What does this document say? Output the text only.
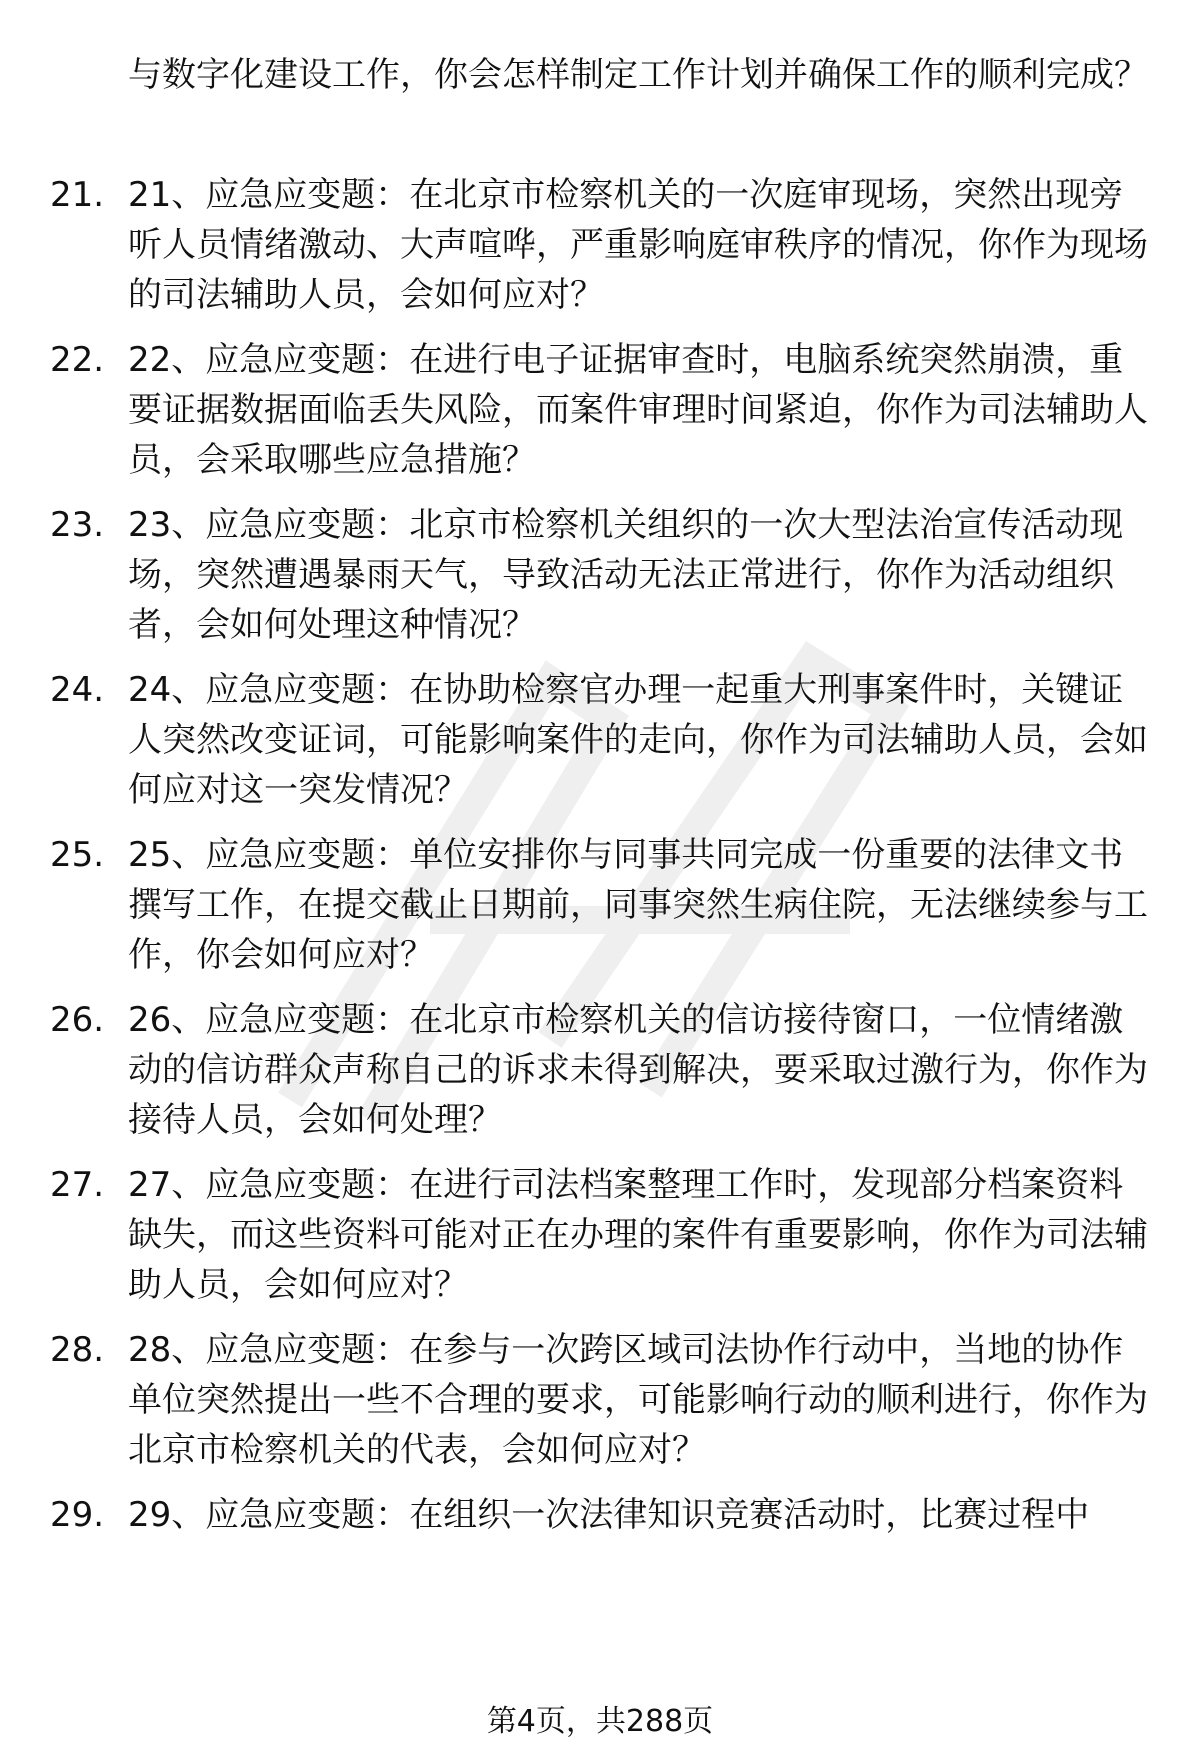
与数字化建设工作，你会怎样制定工作计划并确保工作的顺利完成？

21. 21、应急应变题：在北京市检察机关的一次庭审现场，突然出现旁听人员情绪激动、大声喧哗，严重影响庭审秩序的情况，你作为现场的司法辅助人员，会如何应对？

22. 22、应急应变题：在进行电子证据审查时，电脑系统突然崩溃，重要证据数据面临丢失风险，而案件审理时间紧迫，你作为司法辅助人员，会采取哪些应急措施？

23. 23、应急应变题：北京市检察机关组织的一次大型法治宣传活动现场，突然遭遇暴雨天气，导致活动无法正常进行，你作为活动组织者，会如何处理这种情况？

24. 24、应急应变题：在协助检察官办理一起重大刑事案件时，关键证人突然改变证词，可能影响案件的走向，你作为司法辅助人员，会如何应对这一突发情况？

25. 25、应急应变题：单位安排你与同事共同完成一份重要的法律文书撰写工作，在提交截止日期前，同事突然生病住院，无法继续参与工作，你会如何应对？

26. 26、应急应变题：在北京市检察机关的信访接待窗口，一位情绪激动的信访群众声称自己的诉求未得到解决，要采取过激行为，你作为接待人员，会如何处理？

27. 27、应急应变题：在进行司法档案整理工作时，发现部分档案资料缺失，而这些资料可能对正在办理的案件有重要影响，你作为司法辅助人员，会如何应对？

28. 28、应急应变题：在参与一次跨区域司法协作行动中，当地的协作单位突然提出一些不合理的要求，可能影响行动的顺利进行，你作为北京市检察机关的代表，会如何应对？

29. 29、应急应变题：在组织一次法律知识竞赛活动时，比赛过程中

第4页，共288页
